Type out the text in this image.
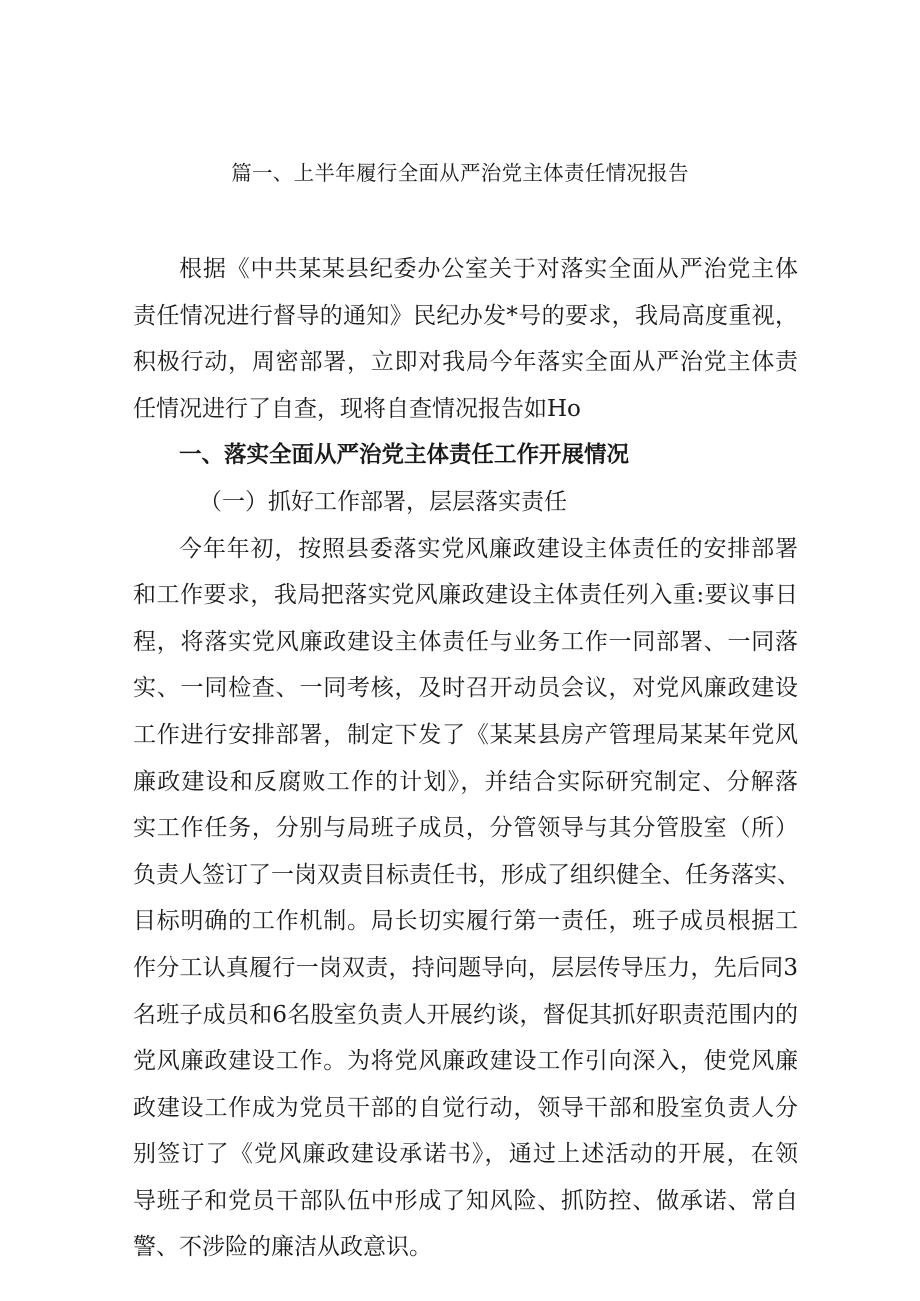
篇一、上半年履行全面从严治党主体责任情况报告
根据《中共某某县纪委办公室关于对落实全面从严治党主体
责任情况进行督导的通知》民纪办发*号的要求，我局高度重视，
积极行动，周密部署，立即对我局今年落实全面从严治党主体责
任情况进行了自查，现将自查情况报告如Ho
一、落实全面从严治党主体责任工作开展情况
（一）抓好工作部署，层层落实责任
今年年初，按照县委落实党风廉政建设主体责任的安排部署
和工作要求，我局把落实党风廉政建设主体责任列入重:要议事日
程，将落实党风廉政建设主体责任与业务工作一同部署、一同落
实、一同检查、一同考核，及时召开动员会议，对党风廉政建设
工作进行安排部署，制定下发了《某某县房产管理局某某年党风
廉政建设和反腐败工作的计划》，并结合实际研究制定、分解落
实工作任务，分别与局班子成员，分管领导与其分管股室（所）
负责人签订了一岗双责目标责任书，形成了组织健全、任务落实、
目标明确的工作机制。局长切实履行第一责任，班子成员根据工
作分工认真履行一岗双责，持问题导向，层层传导压力，先后同3
名班子成员和6名股室负责人开展约谈，督促其抓好职责范围内的
党风廉政建设工作。为将党风廉政建设工作引向深入，使党风廉
政建设工作成为党员干部的自觉行动，领导干部和股室负责人分
别签订了《党风廉政建设承诺书》，通过上述活动的开展，在领
导班子和党员干部队伍中形成了知风险、抓防控、做承诺、常自
警、不涉险的廉洁从政意识。
